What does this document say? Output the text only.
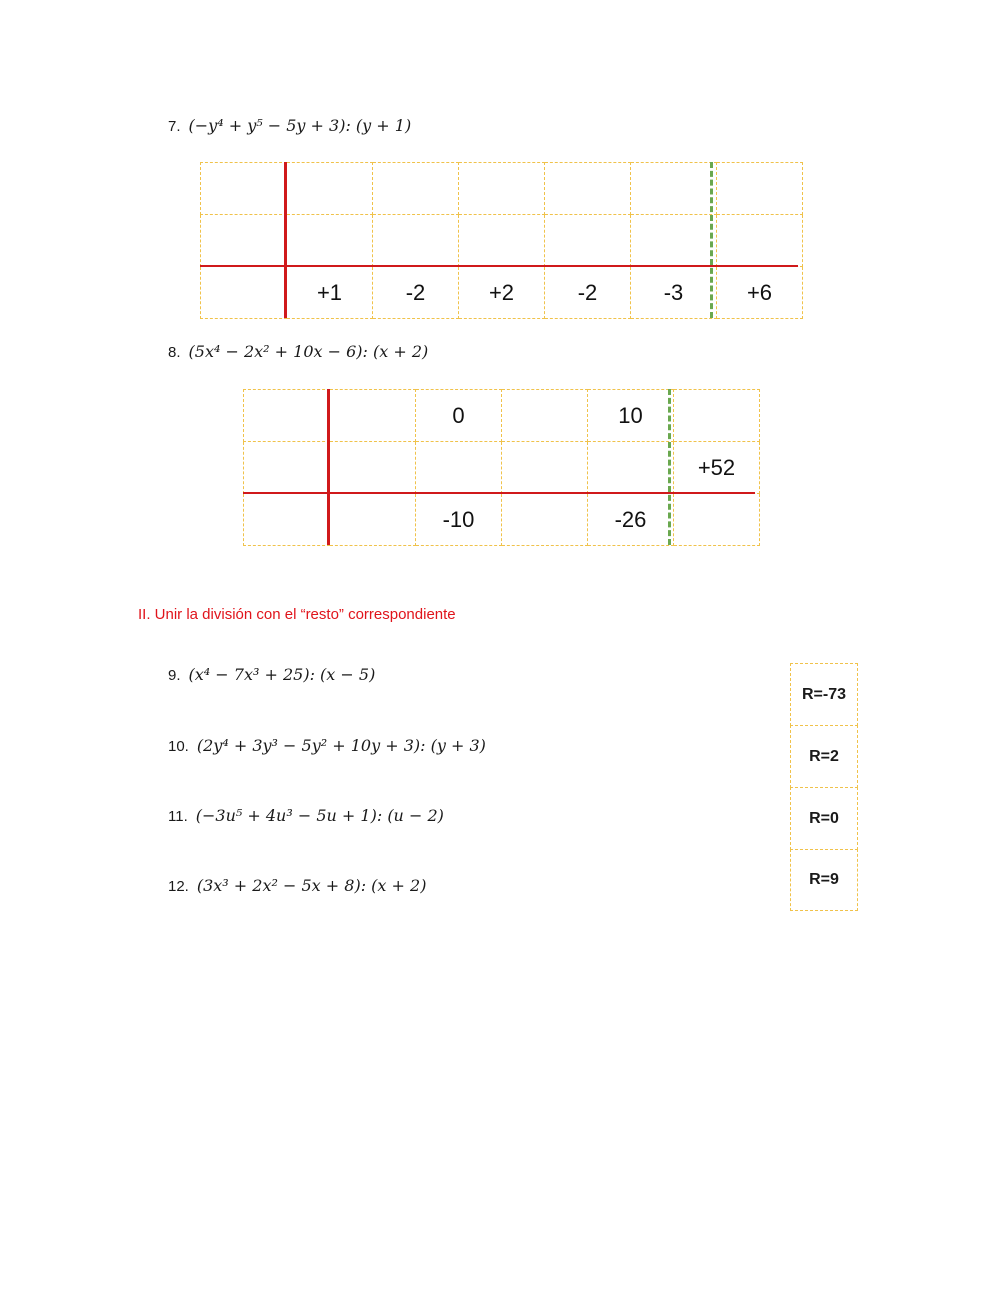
7. (−y⁴ + y⁵ − 5y + 3): (y + 1)

	+1	-2	+2	-2	-3	+6
8. (5x⁴ − 2x² + 10x − 6): (x + 2)
		0		10	
					+52
		-10		-26	
II. Unir la división con el “resto” correspondiente
9. (x⁴ − 7x³ + 25): (x − 5)
10. (2y⁴ + 3y³ − 5y² + 10y + 3): (y + 3)
11. (−3u⁵ + 4u³ − 5u + 1): (u − 2)
12. (3x³ + 2x² − 5x + 8): (x + 2)
R=-73
R=2
R=0
R=9
